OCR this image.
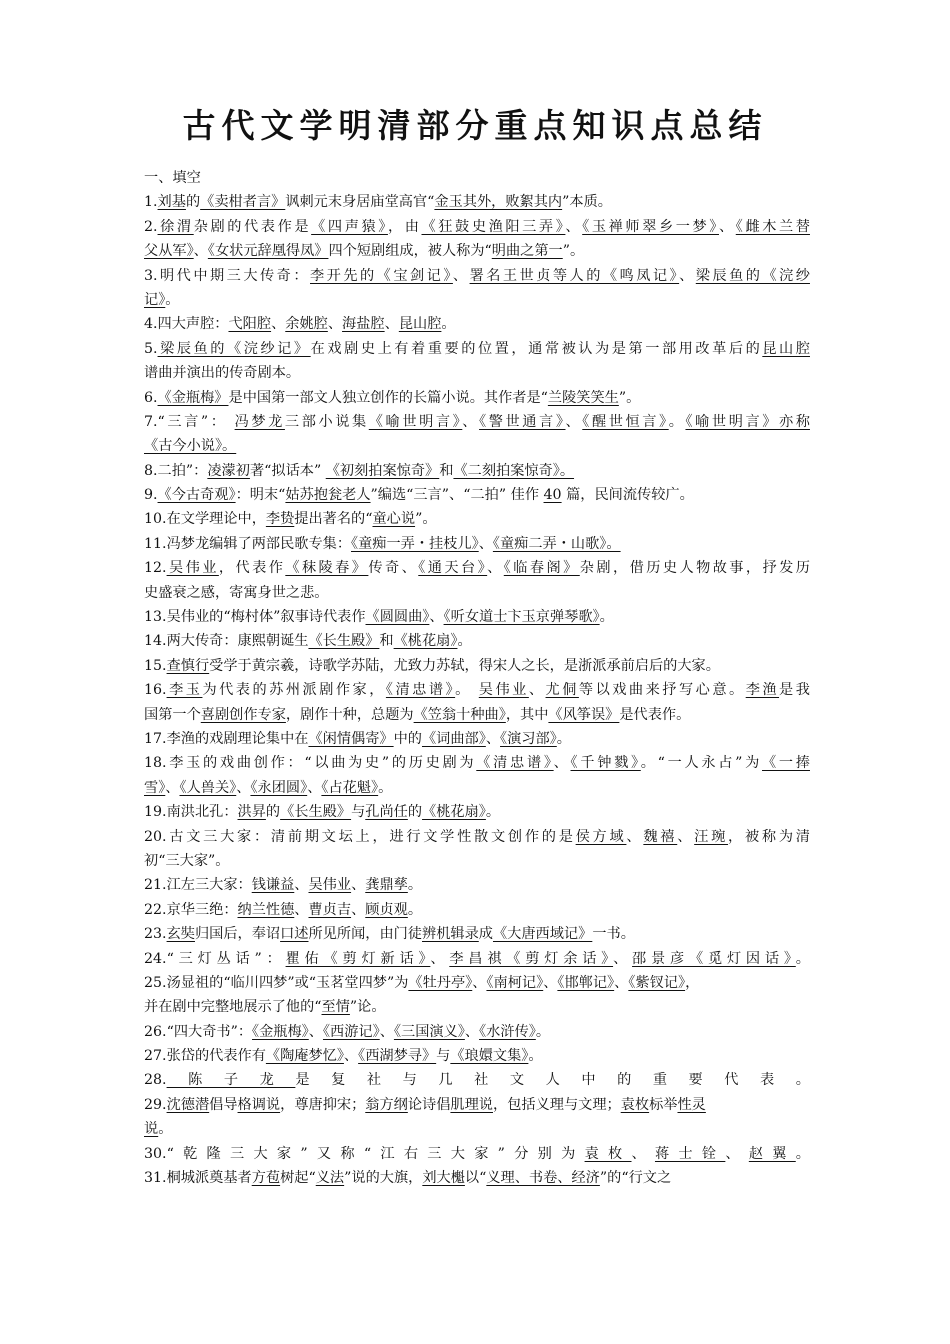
古代文学明清部分重点知识点总结
一、填空
1.刘基的《卖柑者言》讽刺元末身居庙堂高官“金玉其外，败絮其内”本质。
2.徐渭杂剧的代表作是《四声猿》，由《狂鼓史渔阳三弄》、《玉禅师翠乡一梦》、《雌木兰替
父从军》、《女状元辞凰得凤》四个短剧组成，被人称为“明曲之第一”。
3.明代中期三大传奇：李开先的《宝剑记》、署名王世贞等人的《鸣凤记》、梁辰鱼的《浣纱
记》。
4.四大声腔：弋阳腔、余姚腔、海盐腔、昆山腔。
5.梁辰鱼的《浣纱记》在戏剧史上有着重要的位置，通常被认为是第一部用改革后的昆山腔
谱曲并演出的传奇剧本。
6.《金瓶梅》是中国第一部文人独立创作的长篇小说。其作者是“兰陵笑笑生”。
7.“三言”： 冯梦龙三部小说集《喻世明言》、《警世通言》、《醒世恒言》。《喻世明言》亦称
《古今小说》。
8.二拍”：凌濛初著“拟话本” 《初刻拍案惊奇》和《二刻拍案惊奇》。
9.《今古奇观》：明末“姑苏抱瓮老人”编选“三言”、“二拍” 佳作 40 篇，民间流传较广。
10.在文学理论中，李贽提出著名的“童心说”。
11.冯梦龙编辑了两部民歌专集：《童痴一弄・挂枝儿》、《童痴二弄・山歌》。
12.吴伟业，代表作《秣陵春》传奇、《通天台》、《临春阁》杂剧，借历史人物故事，抒发历
史盛衰之感，寄寓身世之悲。
13.吴伟业的“梅村体”叙事诗代表作《圆圆曲》、《听女道士卞玉京弹琴歌》。
14.两大传奇：康熙朝诞生《长生殿》和《桃花扇》。
15.查慎行受学于黄宗羲，诗歌学苏陆，尤致力苏轼，得宋人之长，是浙派承前启后的大家。
16.李玉为代表的苏州派剧作家，《清忠谱》。 吴伟业、尤侗等以戏曲来抒写心意。李渔是我
国第一个喜剧创作专家，剧作十种，总题为《笠翁十种曲》，其中《风筝误》是代表作。
17.李渔的戏剧理论集中在《闲情偶寄》中的《词曲部》、《演习部》。
18.李玉的戏曲创作：“以曲为史”的历史剧为《清忠谱》、《千钟戮》。“一人永占”为《一捧
雪》、《人兽关》、《永团圆》、《占花魁》。
19.南洪北孔：洪昇的《长生殿》与孔尚任的《桃花扇》。
20.古文三大家：清前期文坛上，进行文学性散文创作的是侯方域、魏禧、汪琬，被称为清
初“三大家”。
21.江左三大家：钱谦益、吴伟业、龚鼎孳。
22.京华三绝：纳兰性德、曹贞吉、顾贞观。
23.玄奘归国后，奉诏口述所见所闻，由门徒辨机辑录成《大唐西域记》一书。
24.“三灯丛话”：瞿佑《剪灯新话》、李昌祺《剪灯余话》、邵景彦《觅灯因话》。
25.汤显祖的“临川四梦”或“玉茗堂四梦”为《牡丹亭》、《南柯记》、《邯郸记》、《紫钗记》，
并在剧中完整地展示了他的“至情”论。
26.“四大奇书”：《金瓶梅》、《西游记》、《三国演义》、《水浒传》。
27.张岱的代表作有《陶庵梦忆》、《西湖梦寻》与《琅嬛文集》。
28.陈子龙是复社与几社文人中的重要代表。
29.沈德潜倡导格调说，尊唐抑宋；翁方纲论诗倡肌理说，包括义理与文理；袁枚标举性灵
说。
30.“乾隆三大家”又称“江右三大家”分别为袁枚、蒋士铨、赵翼。
31.桐城派奠基者方苞树起“义法”说的大旗，刘大櫆以“义理、书卷、经济”的“行文之
